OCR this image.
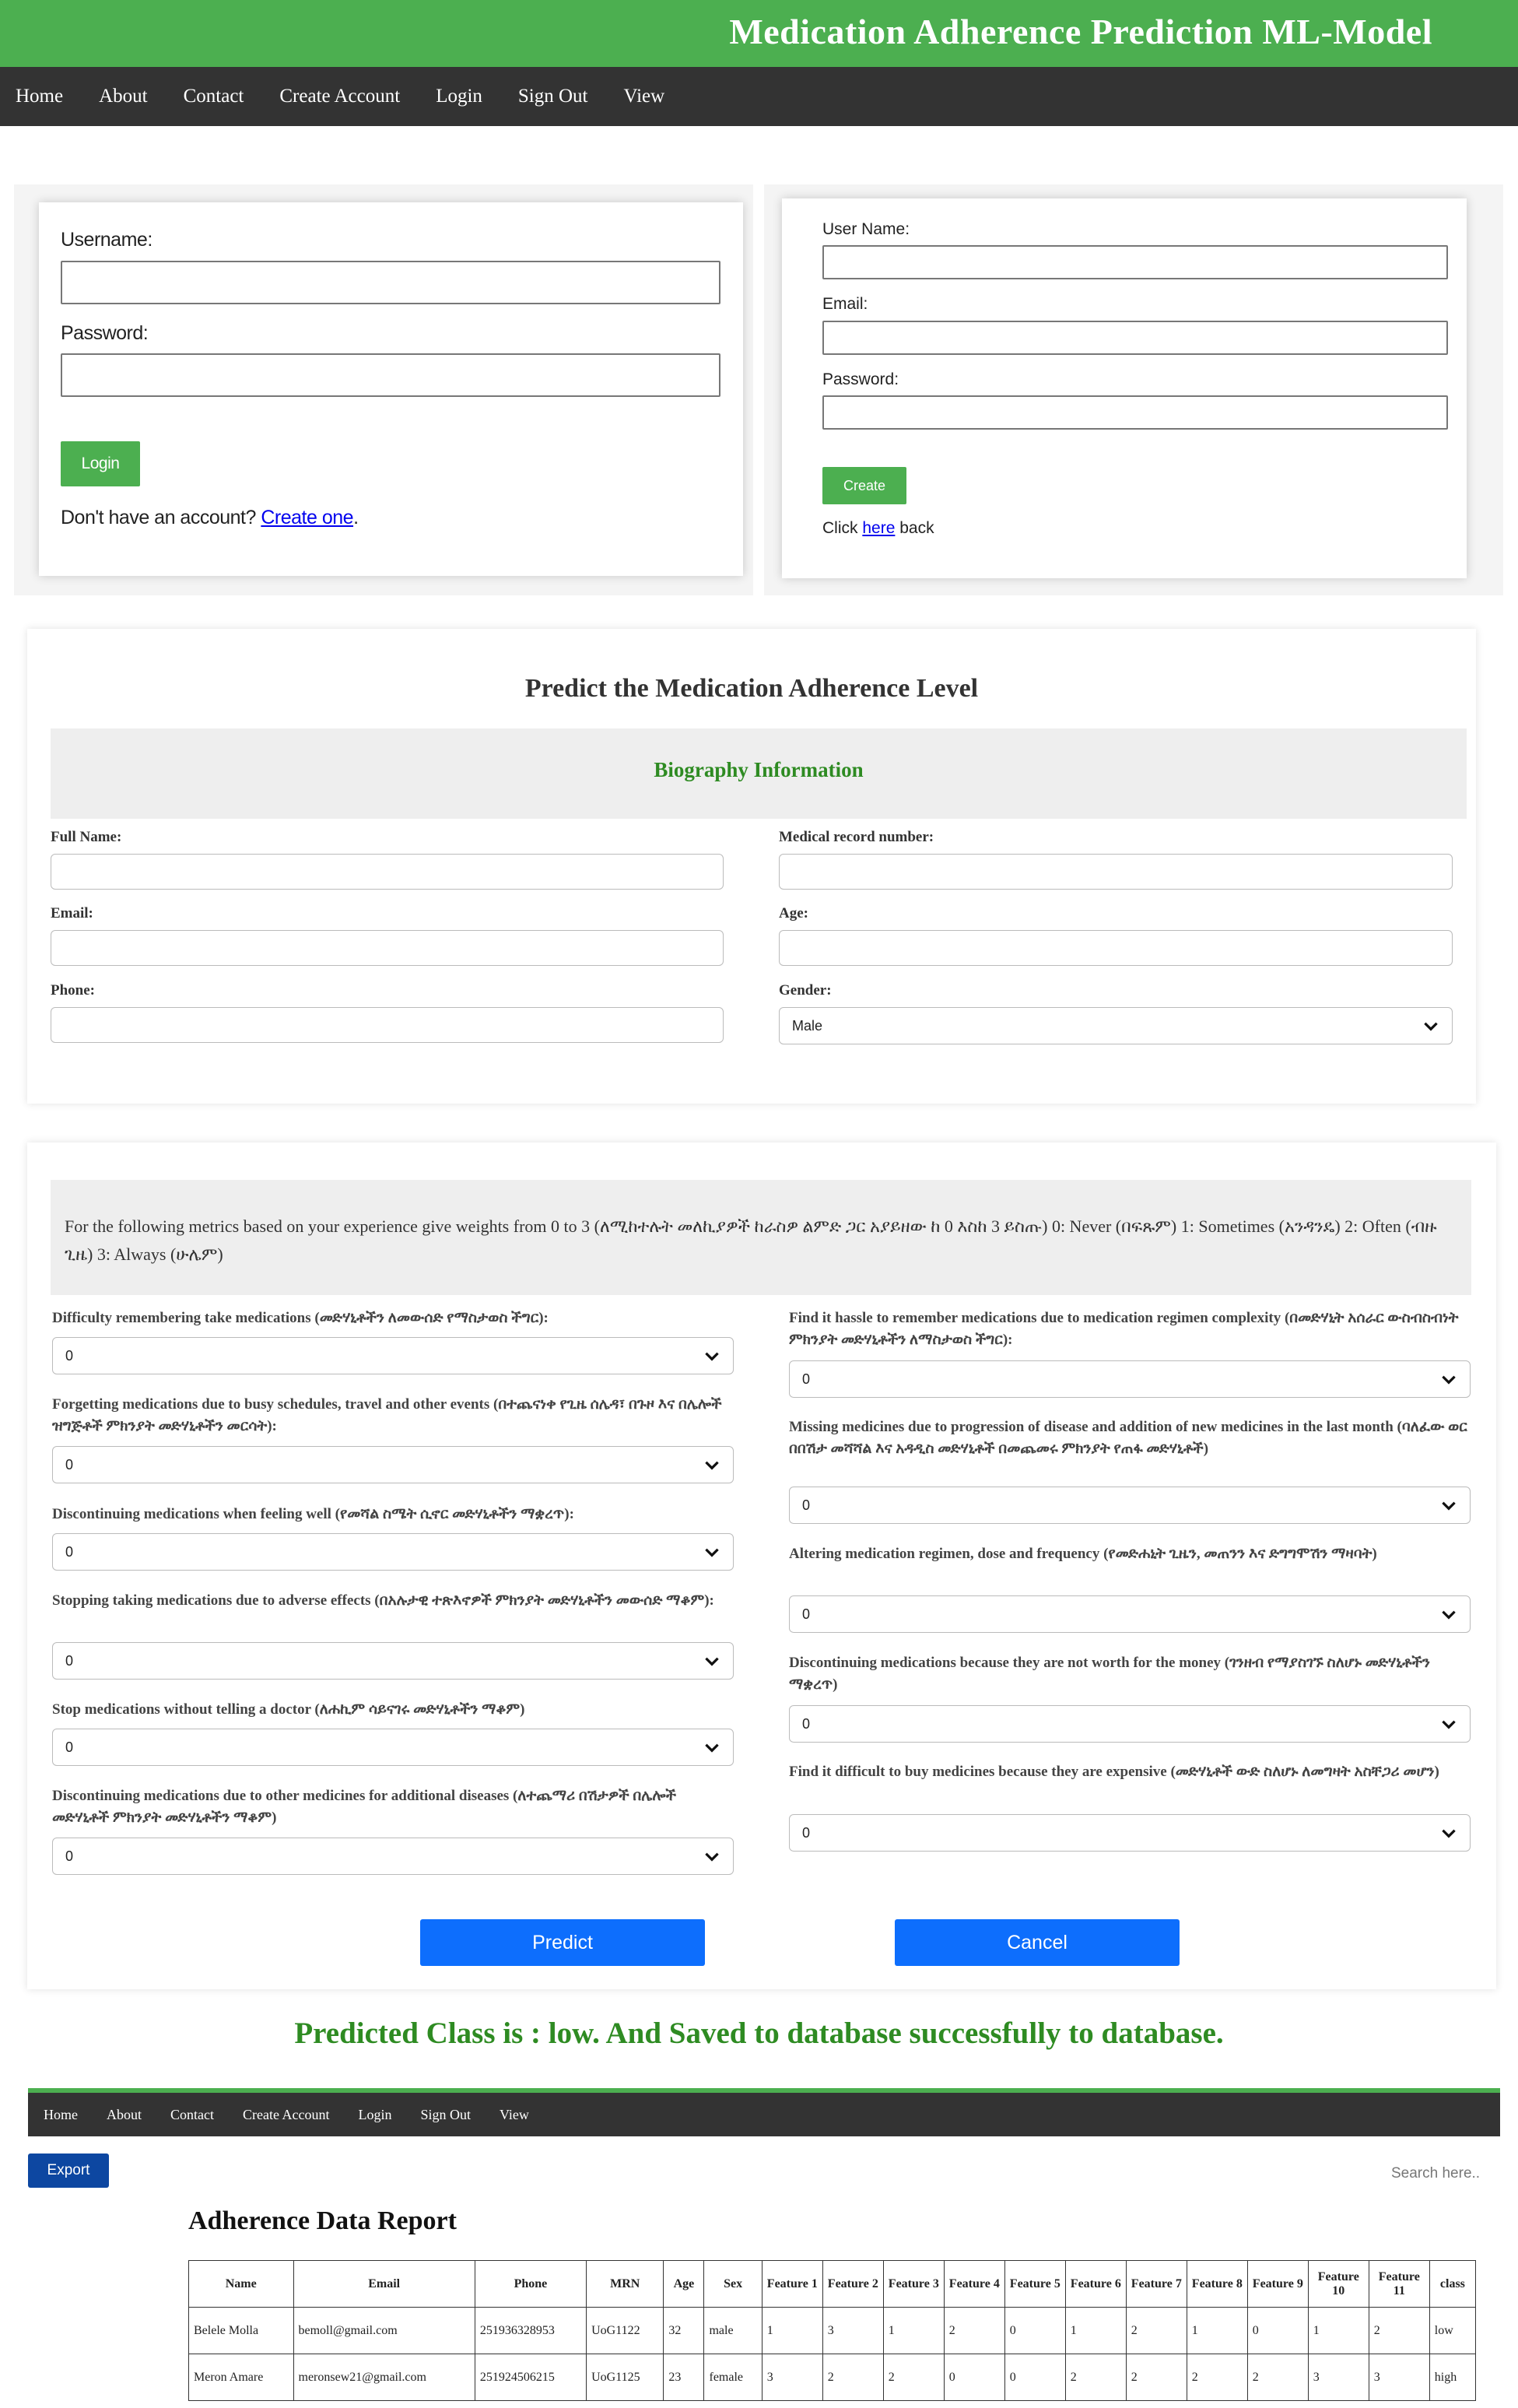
Medication Adherence Prediction ML-Model
Home About Contact Create Account Login Sign Out View
Username:
Password:
Login
Don't have an account? Create one.
User Name:
Email:
Password:
Create
Click here back
Predict the Medication Adherence Level
Biography Information
Full Name:	Medical record number:
Email:	Age:
Phone:	Gender:
Male
For the following metrics based on your experience give weights from 0 to 3 (ለሚከተሉት መለኪያዎች ከራስዎ ልምድ ጋር አያይዘው ከ 0 እስከ 3 ይስጡ) 0: Never (በፍጹም) 1: Sometimes (አንዳንዴ) 2: Often (ብዙ ጊዜ) 3: Always (ሁሌም)
Difficulty remembering take medications (መድሃኒቶችን ለመውሰድ የማስታወስ ችግር):
0
Forgetting medications due to busy schedules, travel and other events (በተጨናነቀ የጊዜ ሰሌዳ፣ በጉዞ እና በሌሎች ዝግጅቶች ምክንያት መድሃኒቶችን መርሳት):
0
Discontinuing medications when feeling well (የመሻል ስሜት ሲኖር መድሃኒቶችን ማቋረጥ):
0
Stopping taking medications due to adverse effects (በአሉታዊ ተጽእኖዎች ምክንያት መድሃኒቶችን መውሰድ ማቆም):
0
Stop medications without telling a doctor (ለሐኪም ሳይናገሩ መድሃኒቶችን ማቆም)
0
Discontinuing medications due to other medicines for additional diseases (ለተጨማሪ በሽታዎች በሌሎች መድሃኒቶች ምክንያት መድሃኒቶችን ማቆም)
0
Find it hassle to remember medications due to medication regimen complexity (በመድሃኒት አሰራር ውስብስብነት ምክንያት መድሃኒቶችን ለማስታወስ ችግር):
0
Missing medicines due to progression of disease and addition of new medicines in the last month (ባለፈው ወር በበሽታ መሻሻል እና አዳዲስ መድሃኒቶች በመጨመሩ ምክንያት የጠፋ መድሃኒቶች)
0
Altering medication regimen, dose and frequency (የመድሐኒት ጊዜን, መጠንን እና ድግግሞሽን ማዛባት)
0
Discontinuing medications because they are not worth for the money (ገንዘብ የማያስገኙ ስለሆኑ መድሃኒቶችን ማቋረጥ)
0
Find it difficult to buy medicines because they are expensive (መድሃኒቶች ውድ ስለሆኑ ለመግዛት አስቸጋሪ መሆን)
0
Predict	Cancel
Predicted Class is : low. And Saved to database successfully to database.
Home About Contact Create Account Login Sign Out View
Export	Search here..
Adherence Data Report
Name	Email	Phone	MRN	Age	Sex	Feature 1	Feature 2	Feature 3	Feature 4	Feature 5	Feature 6	Feature 7	Feature 8	Feature 9	Feature 10	Feature 11	class
Belele Molla	bemoll@gmail.com	251936328953	UoG1122	32	male	1	3	1	2	0	1	2	1	0	1	2	low
Meron Amare	meronsew21@gmail.com	251924506215	UoG1125	23	female	3	2	2	0	0	2	2	2	2	3	3	high
